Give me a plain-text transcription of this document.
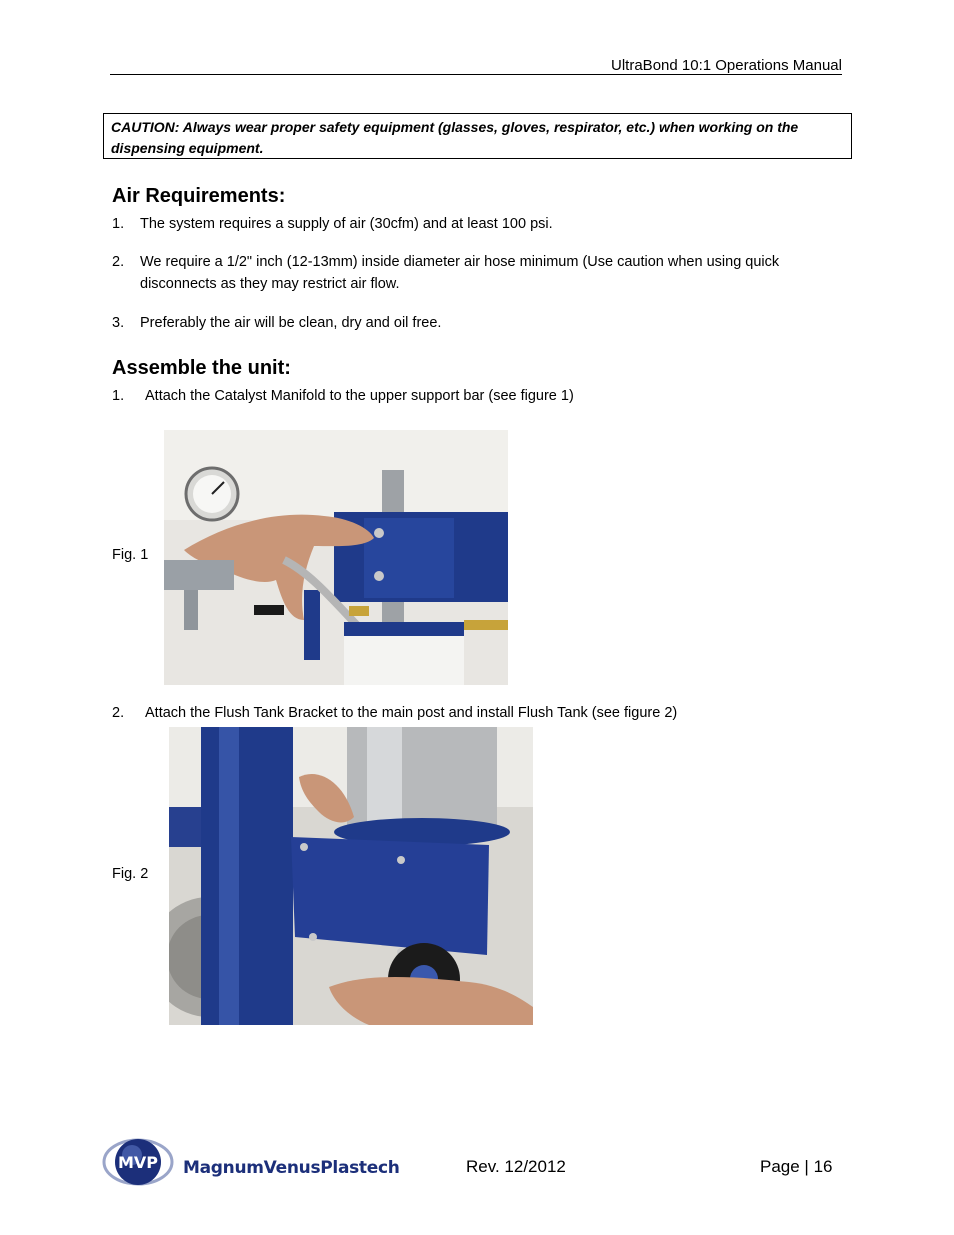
UltraBond 10:1 Operations Manual
CAUTION: Always wear proper safety equipment (glasses, gloves, respirator, etc.) when working on the dispensing equipment.
Air Requirements:
1. The system requires a supply of air (30cfm) and at least 100 psi.
2. We require a 1/2" inch (12-13mm) inside diameter air hose minimum (Use caution when using quick
disconnects as they may restrict air flow.
3. Preferably the air will be clean, dry and oil free.
Assemble the unit:
1. Attach the Catalyst Manifold to the upper support bar (see figure 1)
Fig. 1
2. Attach the Flush Tank Bracket to the main post and install Flush Tank (see figure 2)
Fig. 2
MVP MagnumVenusPlastech	Rev. 12/2012	Page | 16
